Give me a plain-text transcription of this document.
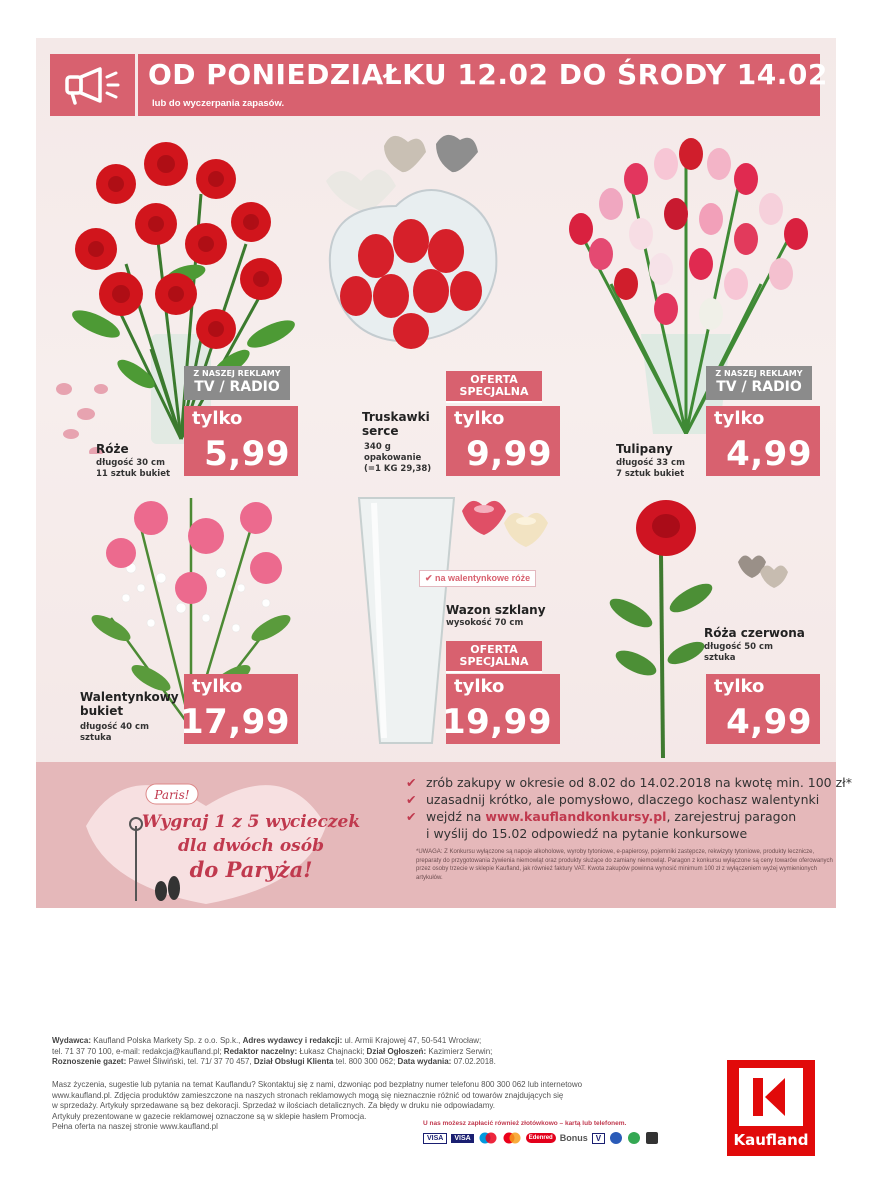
OD PONIEDZIAŁKU 12.02 DO ŚRODY 14.02
lub do wyczerpania zapasów.
Z NASZEJ REKLAMY
TV / RADIO
tylko
5,99
Róże
długość 30 cm
11 sztuk bukiet
OFERTA SPECJALNA
tylko
9,99
Truskawki serce
340 g
opakowanie
(=1 KG 29,38)
Z NASZEJ REKLAMY
TV / RADIO
tylko
4,99
Tulipany
długość 33 cm
7 sztuk bukiet
tylko
17,99
Walentynkowy bukiet
długość 40 cm
sztuka
✔ na walentynkowe róże
Wazon szklany
wysokość 70 cm
OFERTA SPECJALNA
tylko
19,99
Róża czerwona
długość 50 cm
sztuka
tylko
4,99
Paris!
Wygraj 1 z 5 wycieczek
dla dwóch osób
do Paryża!
✔ zrób zakupy w okresie od 8.02 do 14.02.2018 na kwotę min. 100 zł*
✔ uzasadnij krótko, ale pomysłowo, dlaczego kochasz walentynki
✔ wejdź na www.kauflandkonkursy.pl, zarejestruj paragon
i wyślij do 15.02 odpowiedź na pytanie konkursowe
*UWAGA: Z Konkursu wyłączone są napoje alkoholowe, wyroby tytoniowe, e-papierosy, pojemniki zastępcze, rekwizyty tytoniowe, produkty lecznicze, preparaty do przygotowania żywienia niemowląt oraz produkty służące do zamiany niemowląt. Paragon z konkursu wyłączone są ceny towarów oferowanych przez osoby trzecie w sklepie Kaufland, jak również faktury VAT. Kwota zakupów powinna wynosić minimum 100 zł z wyłączeniem wyżej wymienionych artykułów.
Wydawca: Kaufland Polska Markety Sp. z o.o. Sp.k., Adres wydawcy i redakcji: ul. Armii Krajowej 47, 50-541 Wrocław;
tel. 71 37 70 100, e-mail: redakcja@kaufland.pl; Redaktor naczelny: Łukasz Chajnacki; Dział Ogłoszeń: Kazimierz Serwin;
Roznoszenie gazet: Paweł Śliwiński, tel. 71/ 37 70 457, Dział Obsługi Klienta tel. 800 300 062; Data wydania: 07.02.2018.
Masz życzenia, sugestie lub pytania na temat Kauflandu? Skontaktuj się z nami, dzwoniąc pod bezpłatny numer telefonu 800 300 062 lub internetowo
www.kaufland.pl. Zdjęcia produktów zamieszczone na naszych stronach reklamowych mogą się nieznacznie różnić od towarów znajdujących się
w sprzedaży. Artykuły sprzedawane są bez dekoracji. Sprzedaż w ilościach detalicznych. Za błędy w druku nie odpowiadamy.
Artykuły prezentowane w gazecie reklamowej oznaczone są w sklepie hasłem Promocja.
Pełna oferta na naszej stronie www.kaufland.pl	U nas możesz zapłacić również złotówkowo – kartą lub telefonem.
VISA	VISA	Edenred Bonus	V	Kaufland
